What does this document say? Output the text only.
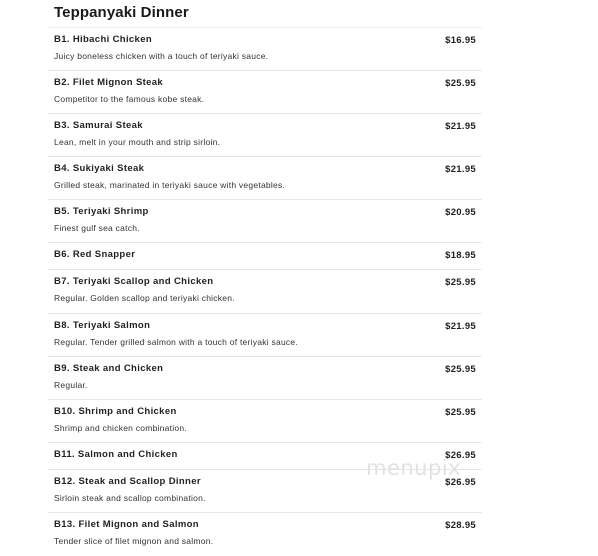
Teppanyaki Dinner
B1. Hibachi Chicken	$16.95
Juicy boneless chicken with a touch of teriyaki sauce.
B2. Filet Mignon Steak	$25.95
Competitor to the famous kobe steak.
B3. Samurai Steak	$21.95
Lean, melt in your mouth and strip sirloin.
B4. Sukiyaki Steak	$21.95
Grilled steak, marinated in teriyaki sauce with vegetables.
B5. Teriyaki Shrimp	$20.95
Finest gulf sea catch.
B6. Red Snapper	$18.95
B7. Teriyaki Scallop and Chicken	$25.95
Regular. Golden scallop and teriyaki chicken.
B8. Teriyaki Salmon	$21.95
Regular. Tender grilled salmon with a touch of teriyaki sauce.
B9. Steak and Chicken	$25.95
Regular.
B10. Shrimp and Chicken	$25.95
Shrimp and chicken combination.
B11. Salmon and Chicken	$26.95
B12. Steak and Scallop Dinner	$26.95
Sirloin steak and scallop combination.
B13. Filet Mignon and Salmon	$28.95
Tender slice of filet mignon and salmon.
menupix
